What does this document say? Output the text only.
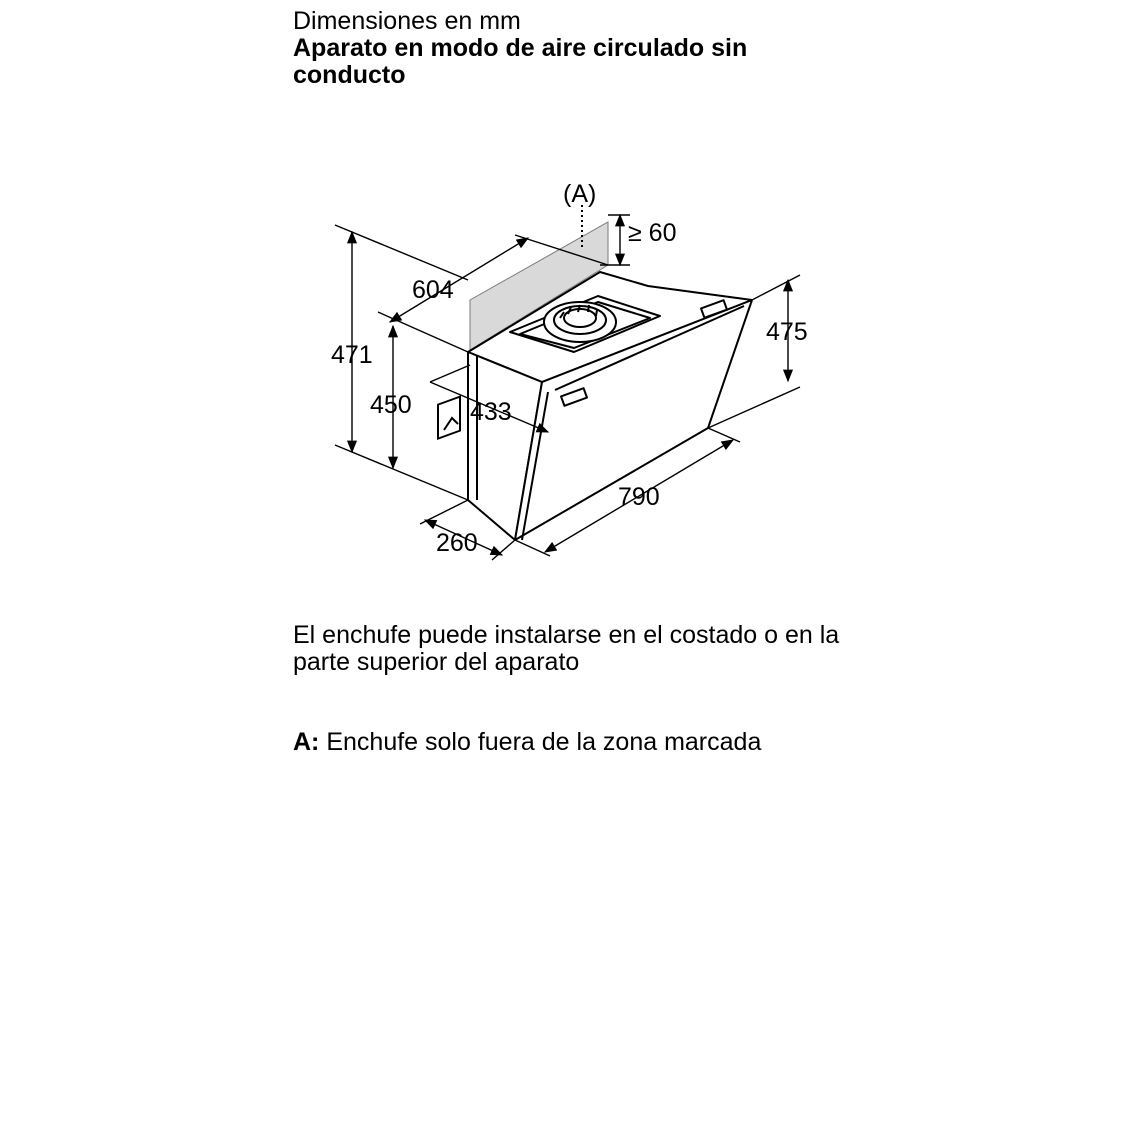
Dimensiones en mm
Aparato en modo de aire circulado sin conducto
(A)
≥ 60
604
471
450 433
475
790
260
El enchufe puede instalarse en el costado o en la parte superior del aparato
A: Enchufe solo fuera de la zona marcada
